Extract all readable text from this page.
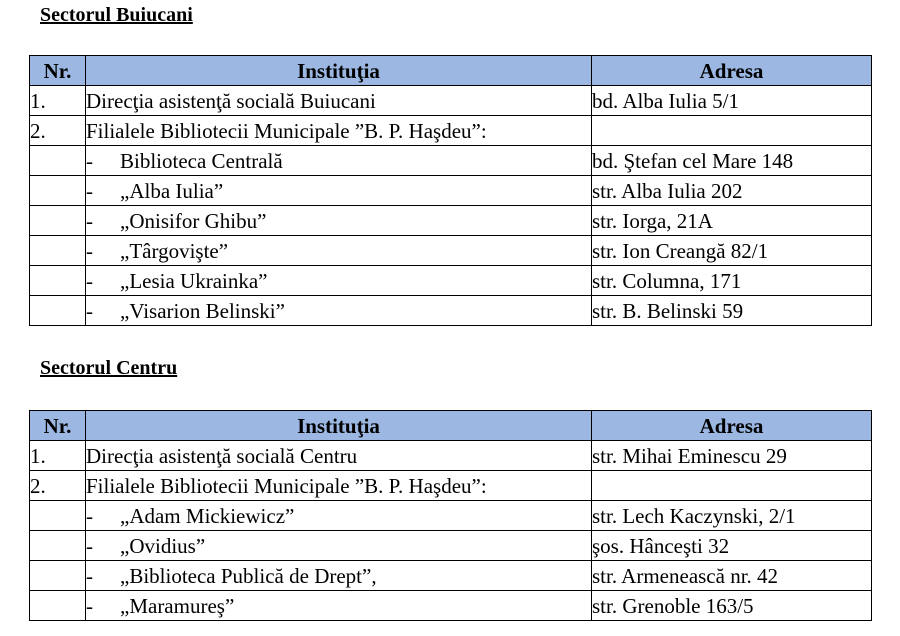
Sectorul Buiucani
Nr.	Instituţia	Adresa
1.	Direcţia asistenţă socială Buiucani	bd. Alba Iulia 5/1
2.	Filialele Bibliotecii Municipale ”B. P. Haşdeu”:	
	- Biblioteca Centrală	bd. Ştefan cel Mare 148
	- „Alba Iulia”	str. Alba Iulia 202
	- „Onisifor Ghibu”	str. Iorga, 21A
	- „Târgovişte”	str. Ion Creangă 82/1
	- „Lesia Ukrainka”	str. Columna, 171
	- „Visarion Belinski”	str. B. Belinski 59
Sectorul Centru
Nr.	Instituţia	Adresa
1.	Direcţia asistenţă socială Centru	str. Mihai Eminescu 29
2.	Filialele Bibliotecii Municipale ”B. P. Haşdeu”:	
	- „Adam Mickiewicz”	str. Lech Kaczynski, 2/1
	- „Ovidius”	şos. Hânceşti 32
	- „Biblioteca Publică de Drept”,	str. Armenească nr. 42
	- „Maramureş”	str. Grenoble 163/5
